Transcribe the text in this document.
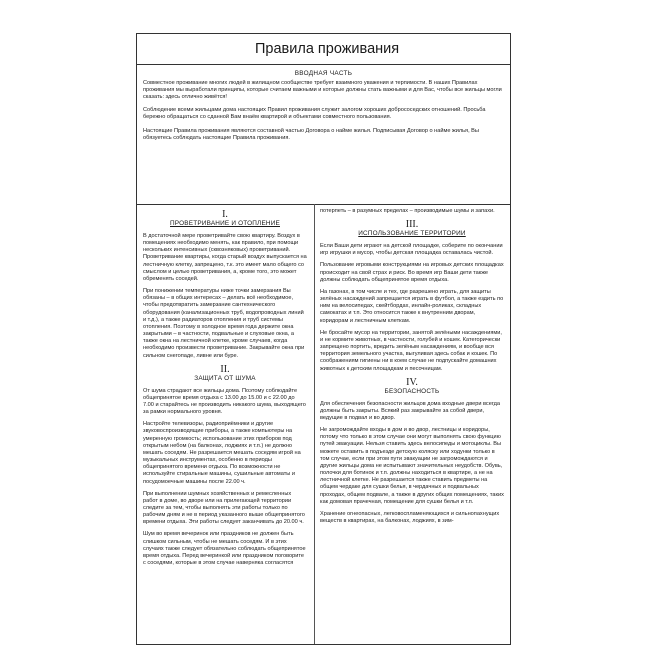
Правила проживания
ВВОДНАЯ ЧАСТЬ

Совместное проживание многих людей в жилищном сообществе требует взаимного уважения и терпимости. В наших Правилах проживания мы выработали принципы, которые считаем важными и которые должны стать важными и для Вас, чтобы все жильцы могли сказать: здесь отлично живётся!

Соблюдение всеми жильцами дома настоящих Правил проживания служит залогом хороших добрососедских отношений. Просьба бережно обращаться со сданной Вам внаём квартирой и объектами совместного пользования.

Настоящие Правила проживания являются составной частью Договора о найме жилья. Подписывая Договор о найме жилья, Вы обязуетесь соблюдать настоящие Правила проживания.

I.
ПРОВЕТРИВАНИЕ И ОТОПЛЕНИЕ

В достаточной мере проветривайте свою квартиру. Воздух в помещениях необходимо менять, как правило, при помощи нескольких интенсивных (сквозняковых) проветриваний. Проветривание квартиры, когда старый воздух выпускается на лестничную клетку, запрещено, т.к. это имеет мало общего со смыслом и целью проветривания, а, кроме того, это может обременять соседей.

При понижении температуры ниже точки замерзания Вы обязаны – в общих интересах – делать всё необходимое, чтобы предотвратить замерзание сантехнического оборудования (канализационных труб, водопроводных линий и т.д.), а также радиаторов отопления и труб системы отопления. Поэтому в холодное время года держите окна закрытыми – в частности, подвальные и слуховые окна, а также окна на лестничной клетке, кроме случаев, когда необходимо произвести проветривание. Закрывайте окна при сильном снегопаде, ливне или буре.

II.
ЗАЩИТА ОТ ШУМА

От шума страдают все жильцы дома. Поэтому соблюдайте общепринятое время отдыха с 13.00 до 15.00 и с 22.00 до 7.00 и старайтесь не производить никакого шума, выходящего за рамки нормального уровня.

Настройте телевизоры, радиоприёмники и другие звуковоспроизводящие приборы, а также компьютеры на умеренную громкость; использование этих приборов под открытым небом (на балконах, лоджиях и т.п.) не должно мешать соседям. Не разрешается мешать соседям игрой на музыкальных инструментах, особенно в периоды общепринятого времени отдыха. По возможности не используйте стиральные машины, сушильные автоматы и посудомоечные машины после 22.00 ч.

При выполнении шумных хозяйственных и ремесленных работ в доме, во дворе или на прилегающей территории следите за тем, чтобы выполнять эти работы только по рабочим дням и не в период указанного выше общепринятого времени отдыха. Эти работы следует заканчивать до 20.00 ч.

Шум во время вечеринок или праздников не должен быть слишком сильным, чтобы не мешать соседям. И в этих случаях также следует обязательно соблюдать общепринятое время отдыха. Перед вечеринкой или праздником поговорите с соседями, которые в этом случае наверняка согласятся

потерпеть – в разумных пределах – производимые шумы и запахи.

III.
ИСПОЛЬЗОВАНИЕ ТЕРРИТОРИИ

Если Ваши дети играют на детской площадке, соберите по окончании игр игрушки и мусор, чтобы детская площадка оставалась чистой.

Пользование игровыми конструкциями на игровых детских площадках происходит на свой страх и риск. Во время игр Ваши дети также должны соблюдать общепринятое время отдыха.

На газонах, в том числе и тех, где разрешено играть, для защиты зелёных насаждений запрещается играть в футбол, а также ездить по ним на велосипедах, скейтбордах, инлайн-роликах, складных самокатах и т.п. Это относится также к внутренним дворам, коридорам и лестничным клеткам.

Не бросайте мусор на территории, занятой зелёными насаждениями, и не кормите животных, в частности, голубей и кошек. Категорически запрещено портить, вредить зелёным насаждениям, и вообще вся территория земельного участка, выгуливая здесь собак и кошек. По соображениям гигиены ни в коем случае не подпускайте домашних животных к детским площадкам и песочницам.

IV.
БЕЗОПАСНОСТЬ

Для обеспечения безопасности жильцов дома входные двери всегда должны быть закрыты. Всякий раз закрывайте за собой двери, ведущие в подвал и во двор.

Не загромождайте входы в дом и во двор, лестницы и коридоры, потому что только в этом случае они могут выполнять свою функцию путей эвакуации. Нельзя ставить здесь велосипеды и мотоциклы. Вы можете оставить в подъезде детскую коляску или ходунки только в том случае, если при этом пути эвакуации не загромождаются и другие жильцы дома не испытывают значительных неудобств. Обувь, полочки для ботинок и т.п. должны находиться в квартире, а не на лестничной клетке. Не разрешается также ставить предметы на общем чердаке для сушки белья, в чердачных и подвальных проходах, общем подвале, а также в других общих помещениях, таких как домовая прачечная, помещение для сушки белья и т.п.

Хранение огнеопасных, легковоспламеняющихся и сильнопахнущих веществ в квартирах, на балконах, лоджиях, в зим-
